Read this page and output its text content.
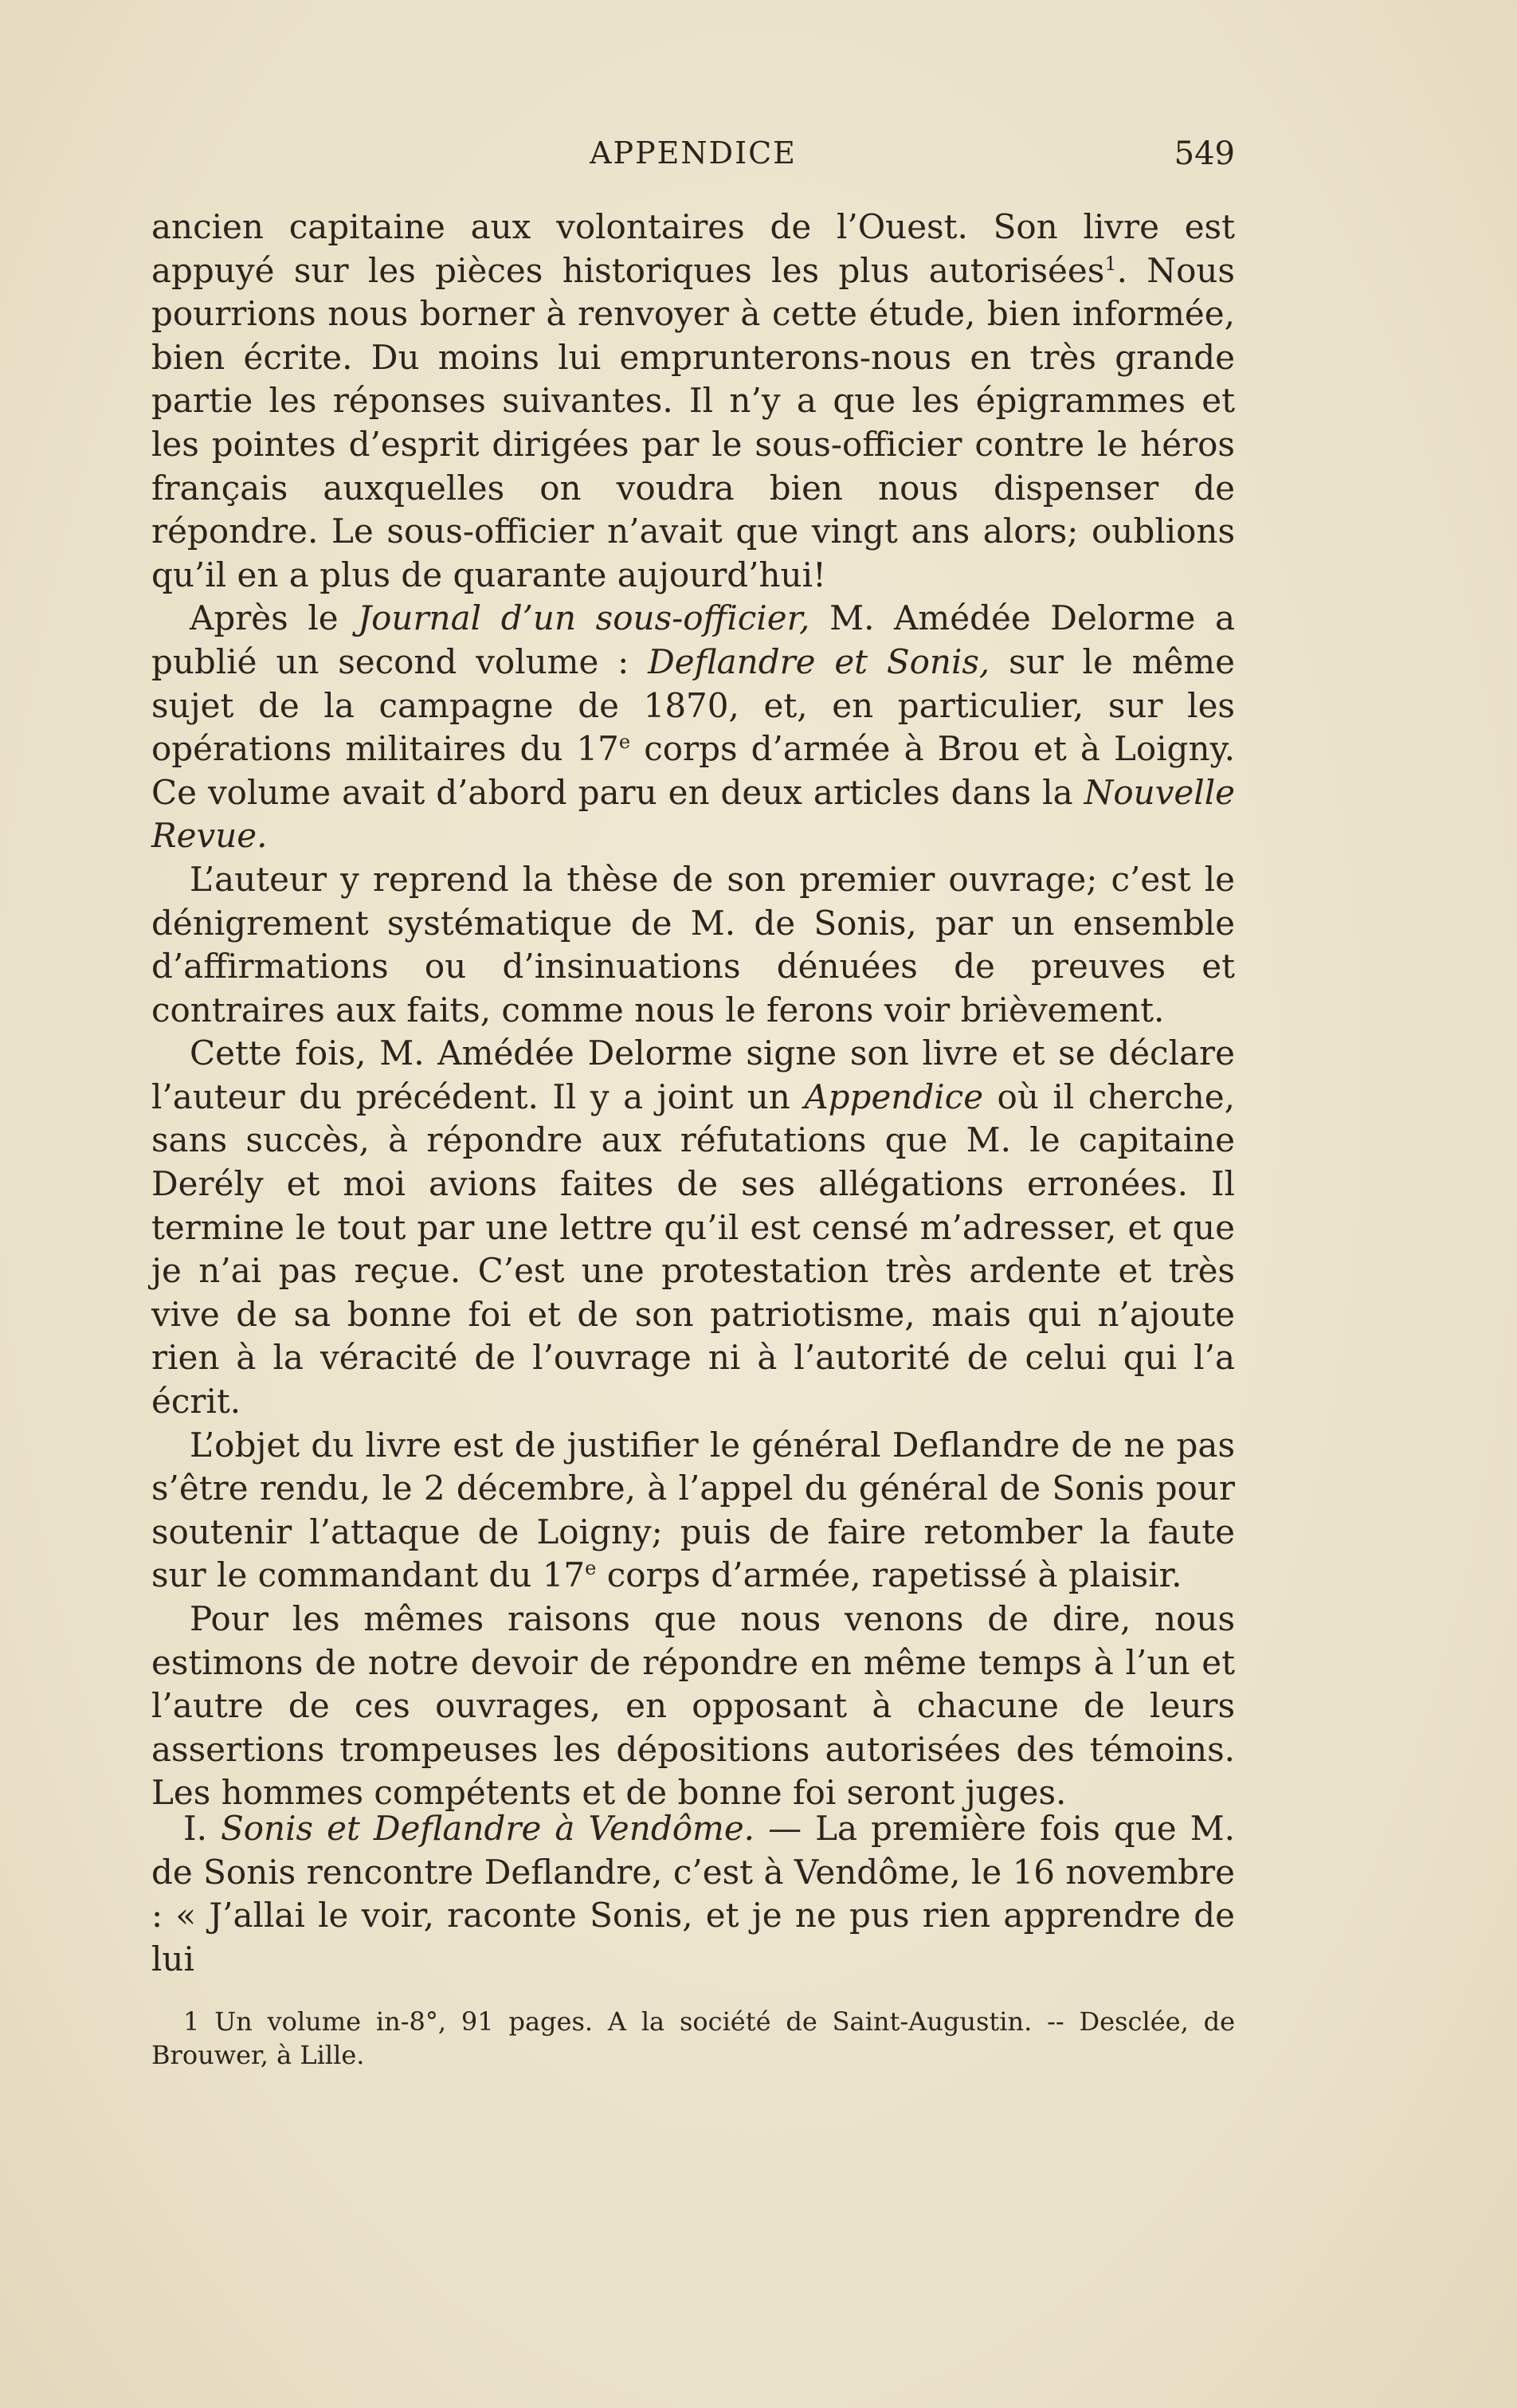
APPENDICE	549

ancien capitaine aux volontaires de l’Ouest. Son livre est appuyé sur les pièces historiques les plus autorisées$^1$. Nous pourrions nous borner à renvoyer à cette étude, bien informée, bien écrite. Du moins lui emprunterons-nous en très grande partie les réponses suivantes. Il n’y a que les épigrammes et les pointes d’esprit dirigées par le sous-officier contre le héros français auxquelles on voudra bien nous dispenser de répondre. Le sous-officier n’avait que vingt ans alors; oublions qu’il en a plus de quarante aujourd’hui!

Après le Journal d’un sous-officier, M. Amédée Delorme a publié un second volume : Deflandre et Sonis, sur le même sujet de la campagne de 1870, et, en particulier, sur les opérations militaires du 17e corps d’armée à Brou et à Loigny. Ce volume avait d’abord paru en deux articles dans la Nouvelle Revue.

L’auteur y reprend la thèse de son premier ouvrage; c’est le dénigrement systématique de M. de Sonis, par un ensemble d’affirmations ou d’insinuations dénuées de preuves et contraires aux faits, comme nous le ferons voir brièvement.

Cette fois, M. Amédée Delorme signe son livre et se déclare l’auteur du précédent. Il y a joint un Appendice où il cherche, sans succès, à répondre aux réfutations que M. le capitaine Derély et moi avions faites de ses allégations erronées. Il termine le tout par une lettre qu’il est censé m’adresser, et que je n’ai pas reçue. C’est une protestation très ardente et très vive de sa bonne foi et de son patriotisme, mais qui n’ajoute rien à la véracité de l’ouvrage ni à l’autorité de celui qui l’a écrit.

L’objet du livre est de justifier le général Deflandre de ne pas s’être rendu, le 2 décembre, à l’appel du général de Sonis pour soutenir l’attaque de Loigny; puis de faire retomber la faute sur le commandant du 17e corps d’armée, rapetissé à plaisir.

Pour les mêmes raisons que nous venons de dire, nous estimons de notre devoir de répondre en même temps à l’un et l’autre de ces ouvrages, en opposant à chacune de leurs assertions trompeuses les dépositions autorisées des témoins. Les hommes compétents et de bonne foi seront juges.

I. Sonis et Deflandre à Vendôme. — La première fois que M. de Sonis rencontre Deflandre, c’est à Vendôme, le 16 novembre : « J’allai le voir, raconte Sonis, et je ne pus rien apprendre de lui

1 Un volume in-8°, 91 pages. A la société de Saint-Augustin. -- Desclée, de Brouwer, à Lille.
